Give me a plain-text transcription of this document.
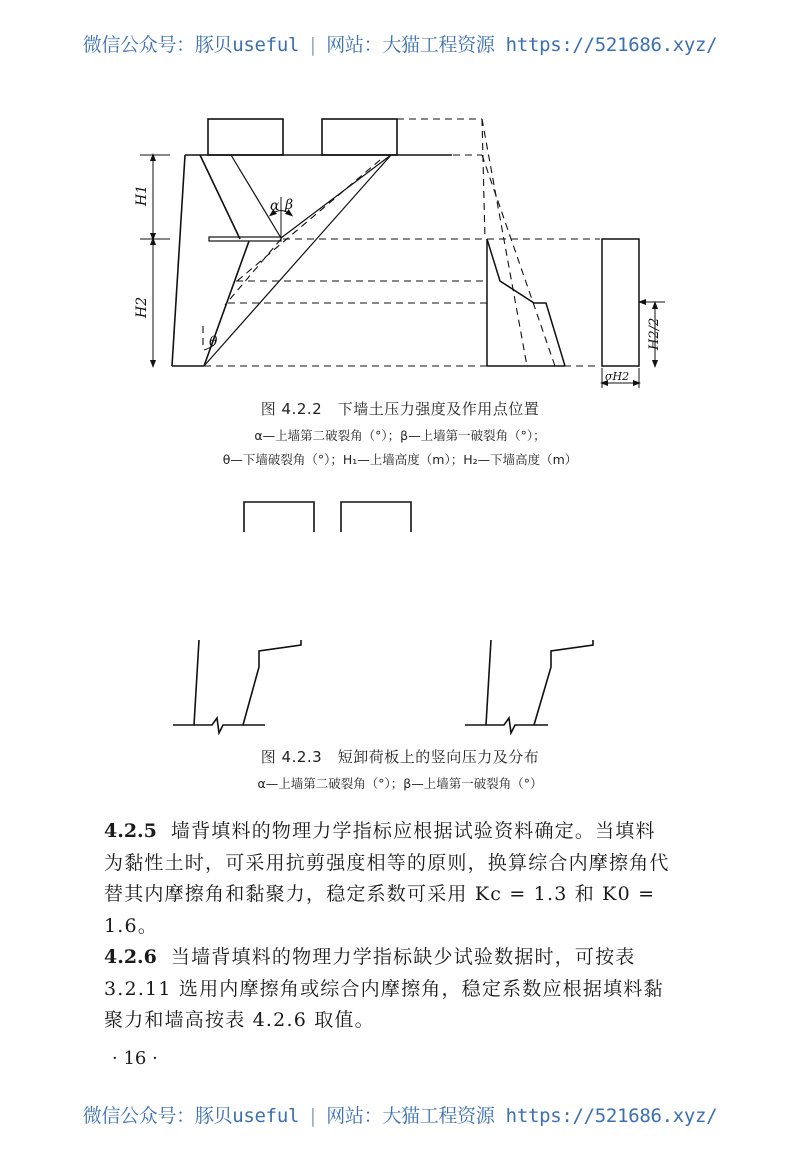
微信公众号：豚贝useful | 网站：大猫工程资源 https://521686.xyz/
H1
H2
α β
θ	H2/2
σH2
图 4.2.2　下墙土压力强度及作用点位置
α—上墙第二破裂角（°）；β—上墙第一破裂角（°）；
θ—下墙破裂角（°）；H₁—上墙高度（m）；H₂—下墙高度（m）
图 4.2.3　短卸荷板上的竖向压力及分布
α—上墙第二破裂角（°）；β—上墙第一破裂角（°）
4.2.5 墙背填料的物理力学指标应根据试验资料确定。当填料
为黏性土时，可采用抗剪强度相等的原则，换算综合内摩擦角代
替其内摩擦角和黏聚力，稳定系数可采用 Kc = 1.3 和 K0 =
1.6。
4.2.6 当墙背填料的物理力学指标缺少试验数据时，可按表
3.2.11 选用内摩擦角或综合内摩擦角，稳定系数应根据填料黏
聚力和墙高按表 4.2.6 取值。
· 16 ·
微信公众号：豚贝useful | 网站：大猫工程资源 https://521686.xyz/
